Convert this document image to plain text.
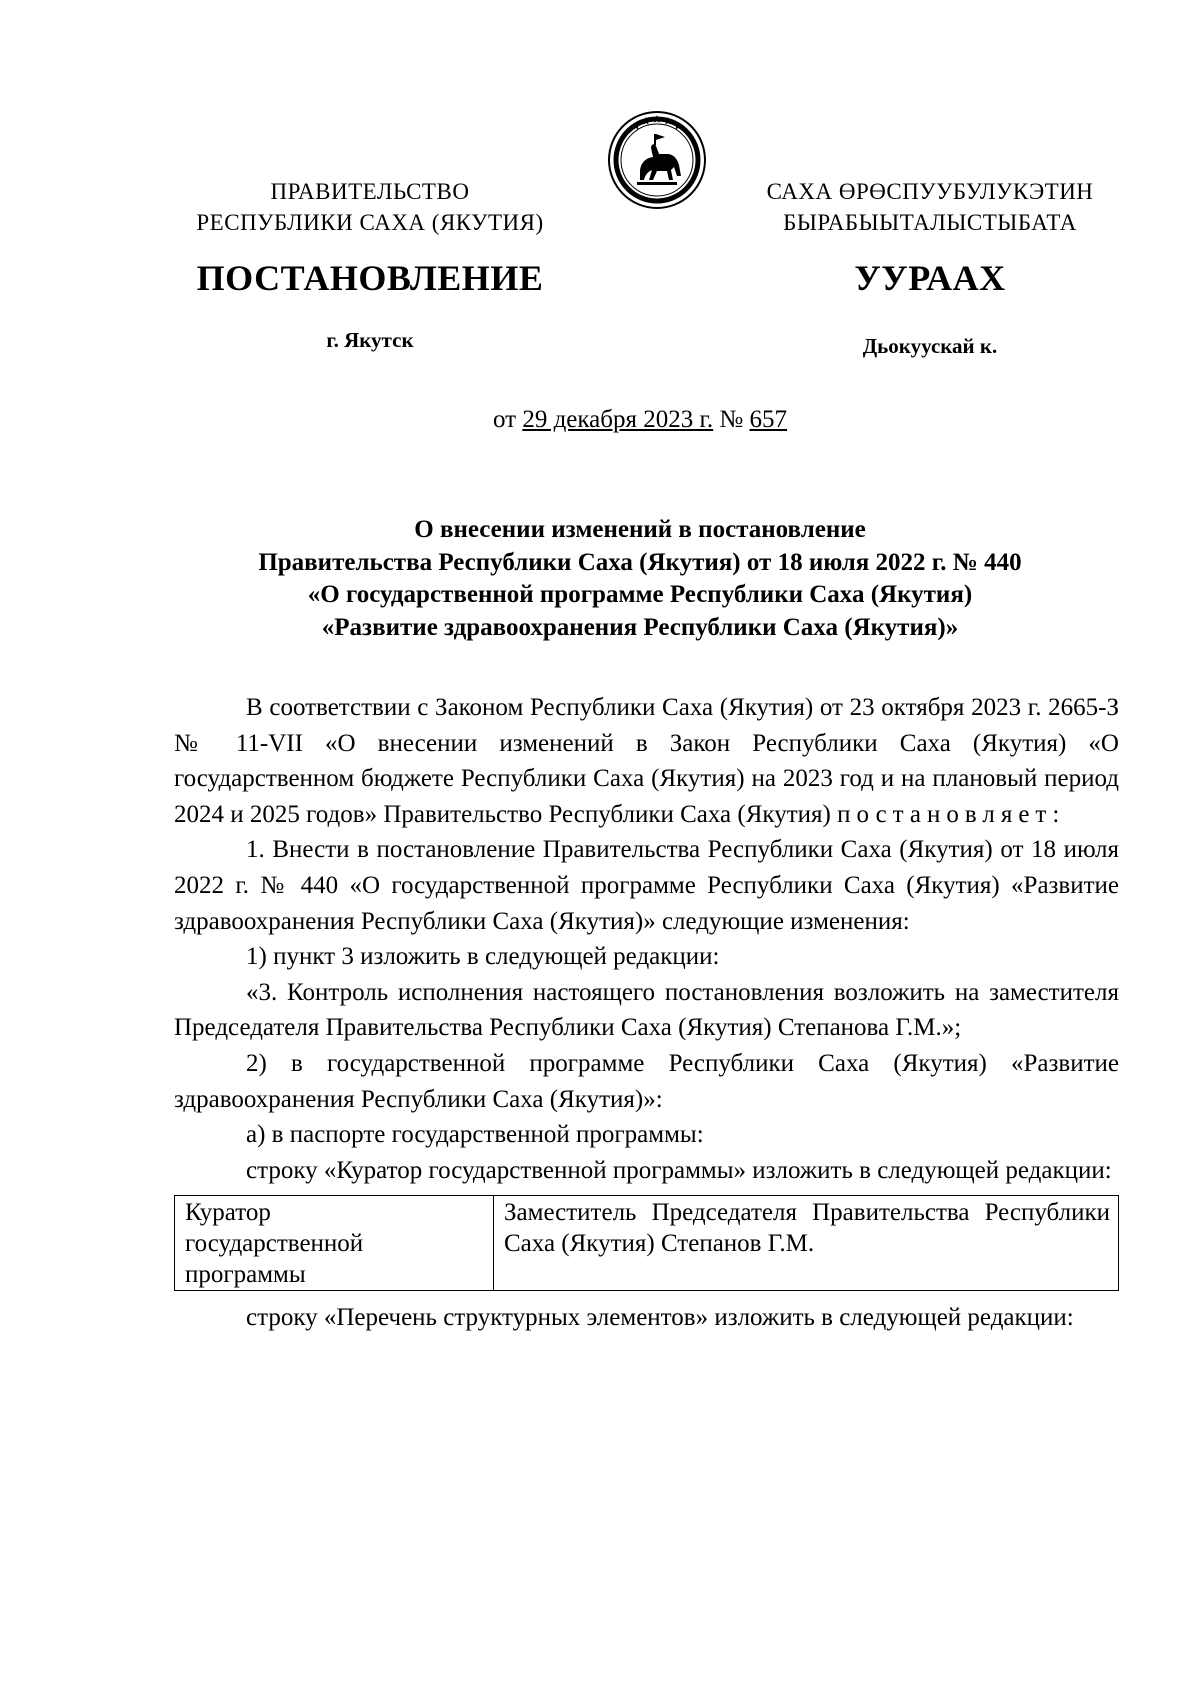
ПРАВИТЕЛЬСТВО
РЕСПУБЛИКИ САХА (ЯКУТИЯ)
САХА ӨРӨСПУУБУЛУКЭТИН
БЫРАБЫЫТАЛЫСТЫБАТА
ПОСТАНОВЛЕНИЕ	УУРААХ
г. Якутск	Дьокуускай к.
от 29 декабря 2023 г. № 657
О внесении изменений в постановление
Правительства Республики Саха (Якутия) от 18 июля 2022 г. № 440
«О государственной программе Республики Саха (Якутия)
«Развитие здравоохранения Республики Саха (Якутия)»

В соответствии с Законом Республики Саха (Якутия) от 23 октября 2023 г. 2665-З № 11-VII «О внесении изменений в Закон Республики Саха (Якутия) «О государственном бюджете Республики Саха (Якутия) на 2023 год и на плановый период 2024 и 2025 годов» Правительство Республики Саха (Якутия) постановляет:

1. Внести в постановление Правительства Республики Саха (Якутия) от 18 июля 2022 г. № 440 «О государственной программе Республики Саха (Якутия) «Развитие здравоохранения Республики Саха (Якутия)» следующие изменения:

1) пункт 3 изложить в следующей редакции:

«3. Контроль исполнения настоящего постановления возложить на заместителя Председателя Правительства Республики Саха (Якутия) Степанова Г.М.»;

2) в государственной программе Республики Саха (Якутия) «Развитие здравоохранения Республики Саха (Якутия)»:

а) в паспорте государственной программы:

строку «Куратор государственной программы» изложить в следующей редакции:

Куратор
государственной
программы
	Заместитель Председателя Правительства Республики Саха (Якутия) Степанов Г.М.

строку «Перечень структурных элементов» изложить в следующей редакции:
